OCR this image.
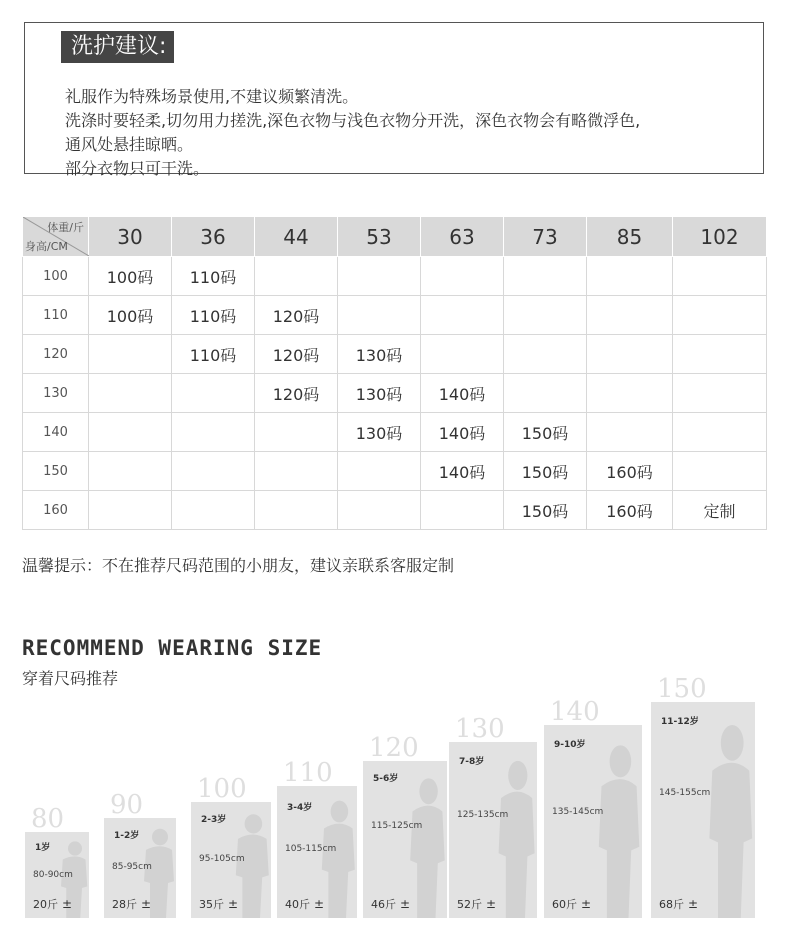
洗护建议:
礼服作为特殊场景使用,不建议频繁清洗。
洗涤时要轻柔,切勿用力搓洗,深色衣物与浅色衣物分开洗，深色衣物会有略微浮色,
通风处悬挂晾晒。
部分衣物只可干洗。
体重/斤
身高/CM	30	36	44	53	63	73	85	102
100	100码	110码						
110	100码	110码	120码					
120		110码	120码	130码				
130			120码	130码	140码			
140				130码	140码	150码		
150					140码	150码	160码	
160						150码	160码	定制
温馨提示：不在推荐尺码范围的小朋友，建议亲联系客服定制
RECOMMEND WEARING SIZE
穿着尺码推荐
80
1岁
80-90cm
20斤 ±
90
1-2岁
85-95cm
28斤 ±
100
2-3岁
95-105cm
35斤 ±
110
3-4岁
105-115cm
40斤 ±
120
5-6岁
115-125cm
46斤 ±
130
7-8岁
125-135cm
52斤 ±
140
9-10岁
135-145cm
60斤 ±
150
11-12岁
145-155cm
68斤 ±
